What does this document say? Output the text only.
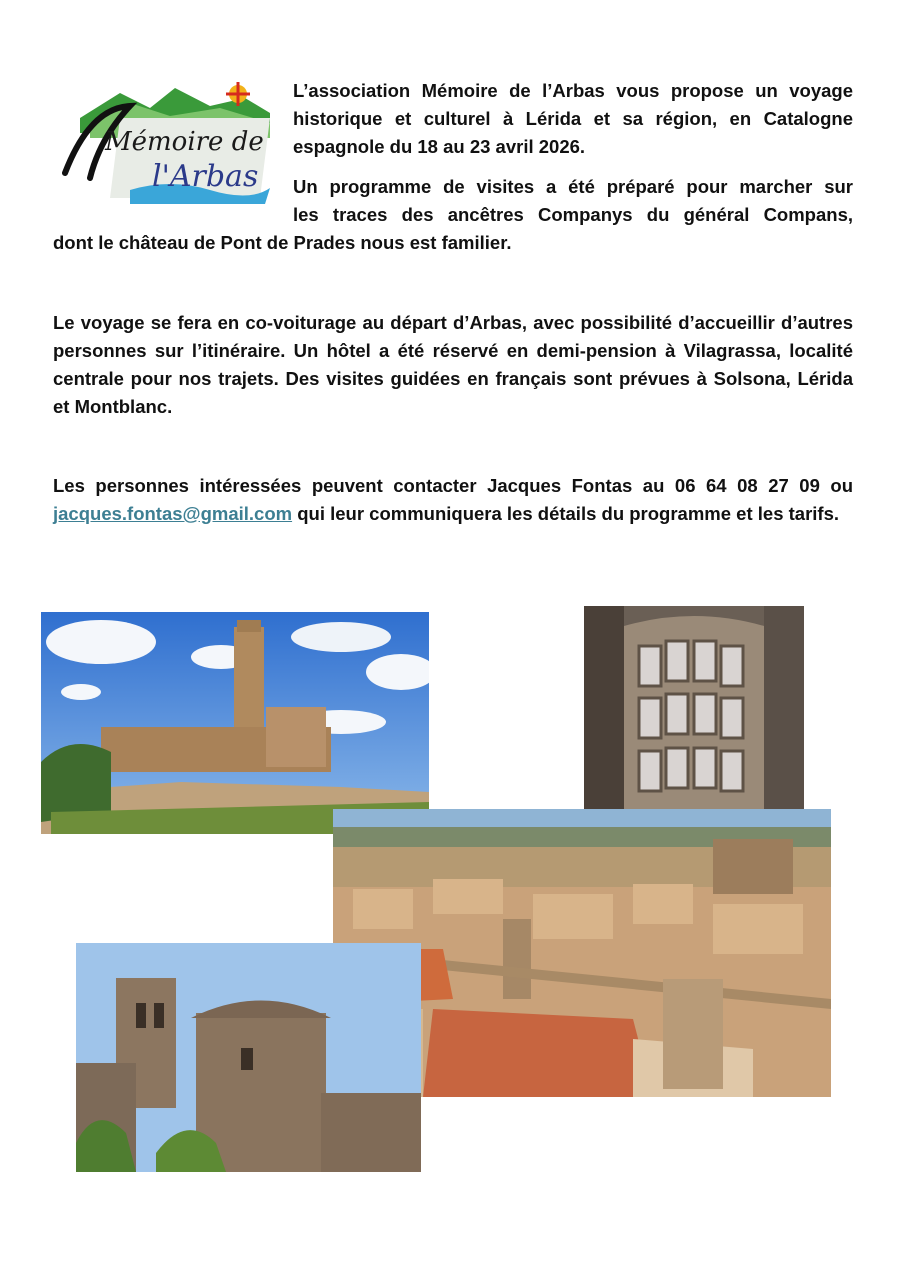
Mémoire de
l'Arbas

L’association Mémoire de l’Arbas vous propose un voyage historique et culturel à Lérida et sa région, en Catalogne espagnole du 18 au 23 avril 2026.

Un programme de visites a été préparé pour marcher sur
les traces des ancêtres Companys du général Compans,

dont le château de Pont de Prades nous est familier.

Le voyage se fera en co-voiturage au départ d’Arbas, avec possibilité d’accueillir d’autres personnes sur l’itinéraire. Un hôtel a été réservé en demi-pension à Vilagrassa, localité centrale pour nos trajets. Des visites guidées en français sont prévues à Solsona, Lérida et Montblanc.

Les personnes intéressées peuvent contacter Jacques Fontas au 06 64 08 27 09 ou jacques.fontas@gmail.com qui leur communiquera les détails du programme et les tarifs.
